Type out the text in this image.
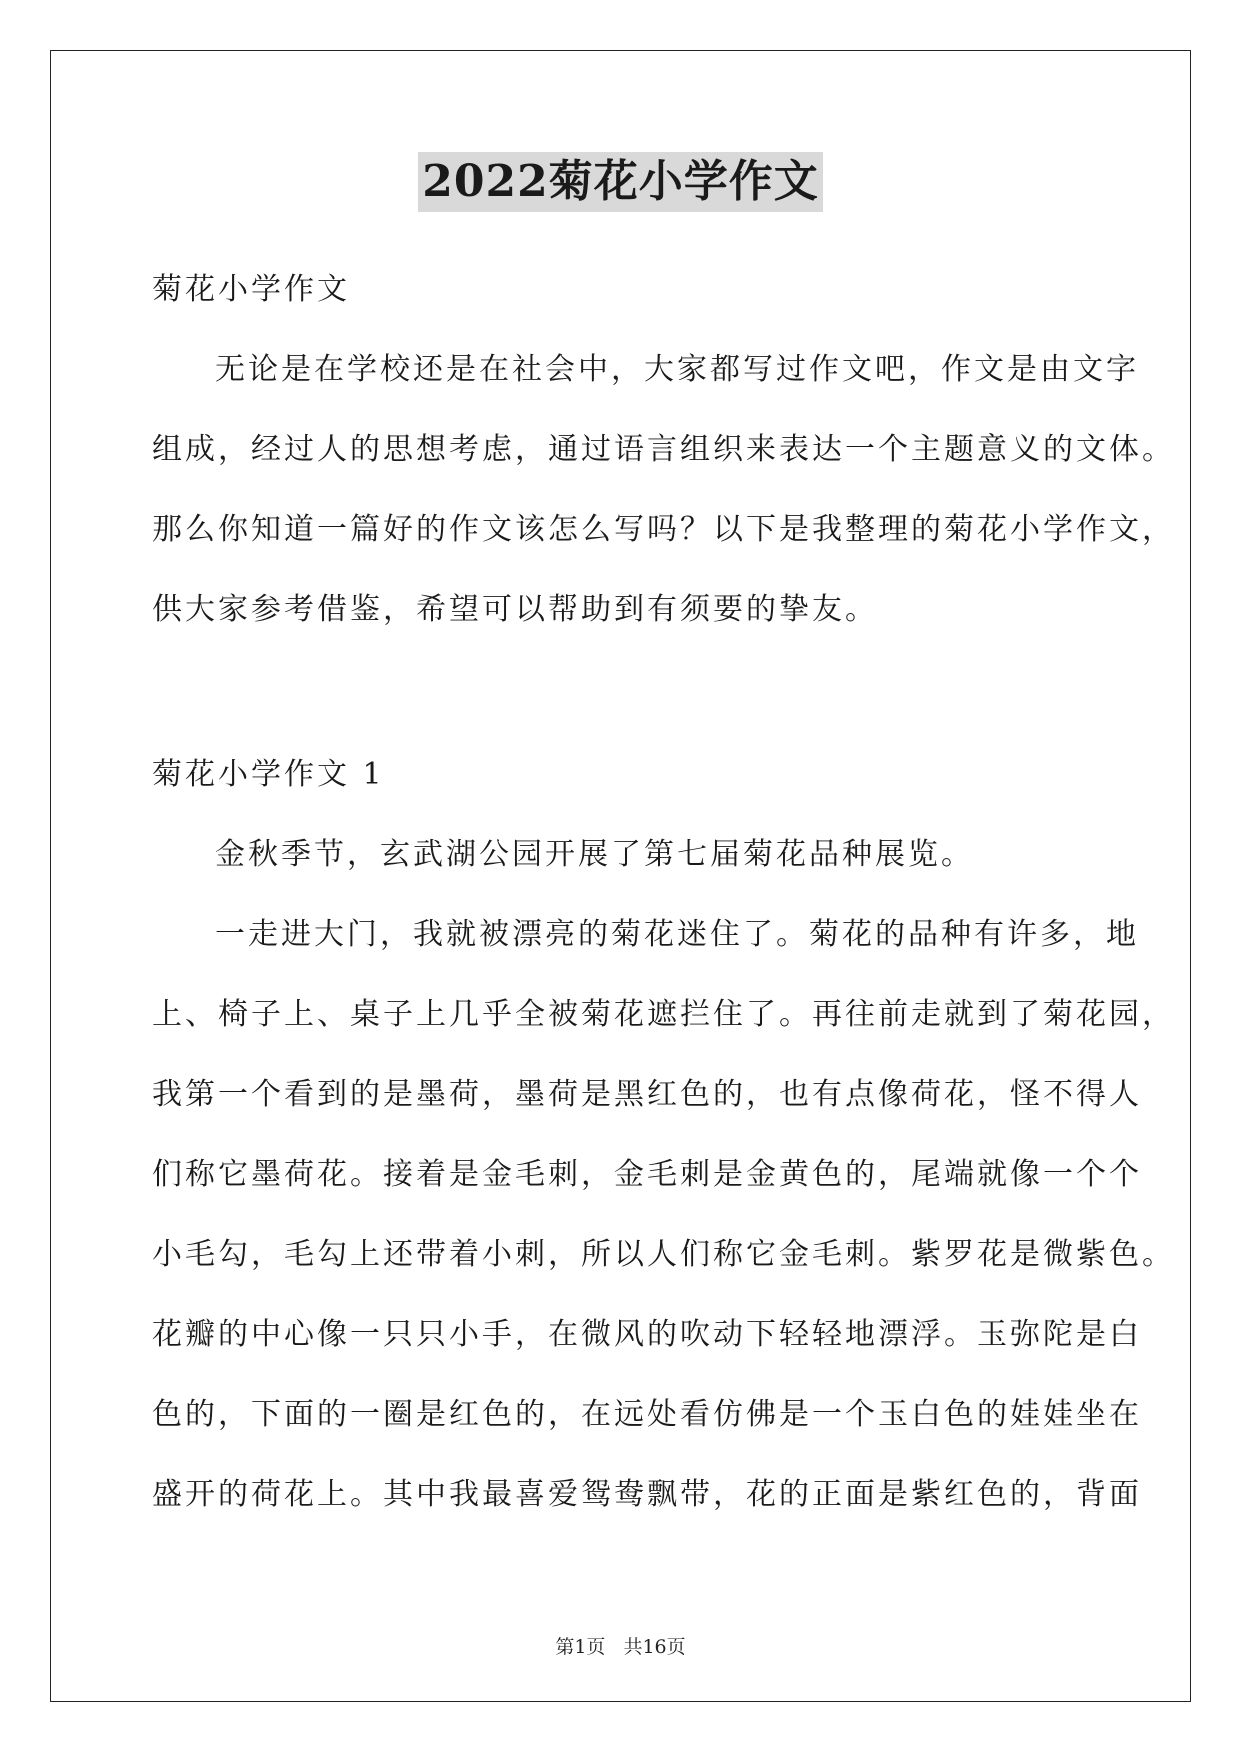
2022菊花小学作文
菊花小学作文
无论是在学校还是在社会中，大家都写过作文吧，作文是由文字
组成，经过人的思想考虑，通过语言组织来表达一个主题意义的文体。
那么你知道一篇好的作文该怎么写吗？以下是我整理的菊花小学作文，
供大家参考借鉴，希望可以帮助到有须要的挚友。
菊花小学作文 1
金秋季节，玄武湖公园开展了第七届菊花品种展览。
一走进大门，我就被漂亮的菊花迷住了。菊花的品种有许多，地
上、椅子上、桌子上几乎全被菊花遮拦住了。再往前走就到了菊花园，
我第一个看到的是墨荷，墨荷是黑红色的，也有点像荷花，怪不得人
们称它墨荷花。接着是金毛刺，金毛刺是金黄色的，尾端就像一个个
小毛勾，毛勾上还带着小刺，所以人们称它金毛刺。紫罗花是微紫色。
花瓣的中心像一只只小手，在微风的吹动下轻轻地漂浮。玉弥陀是白
色的，下面的一圈是红色的，在远处看仿佛是一个玉白色的娃娃坐在
盛开的荷花上。其中我最喜爱鸳鸯飘带，花的正面是紫红色的，背面
第1页 共16页
